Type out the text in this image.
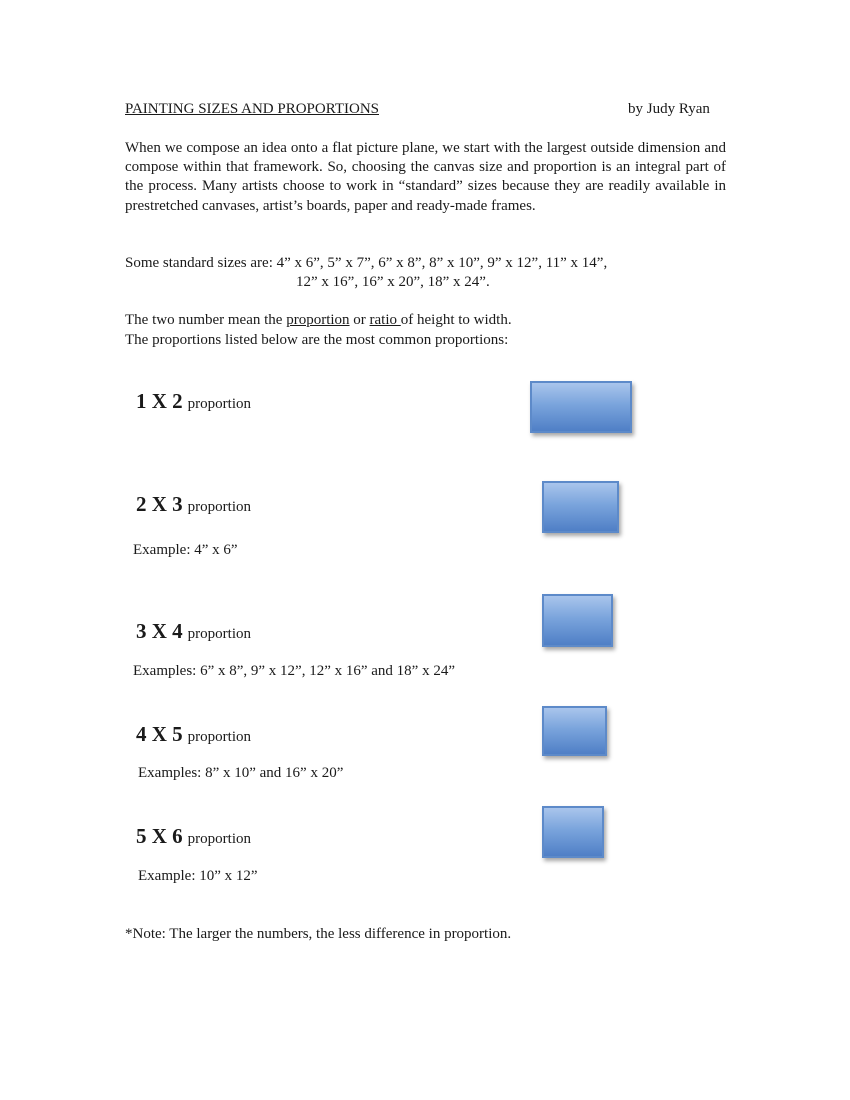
PAINTING SIZES AND PROPORTIONS	by Judy Ryan
When we compose an idea onto a flat picture plane, we start with the largest outside dimension and compose within that framework. So, choosing the canvas size and proportion is an integral part of the process. Many artists choose to work in “standard” sizes because they are readily available in prestretched canvases, artist’s boards, paper and ready-made frames.
Some standard sizes are: 4” x 6”, 5” x 7”, 6” x 8”, 8” x 10”, 9” x 12”, 11” x 14”,
12” x 16”, 16” x 20”, 18” x 24”.
The two number mean the proportion or ratio of height to width.
The proportions listed below are the most common proportions:
1 X 2 proportion
2 X 3 proportion
Example: 4” x 6”
3 X 4 proportion
Examples: 6” x 8”, 9” x 12”, 12” x 16” and 18” x 24”
4 X 5 proportion
Examples: 8” x 10” and 16” x 20”
5 X 6 proportion
Example: 10” x 12”
*Note: The larger the numbers, the less difference in proportion.
